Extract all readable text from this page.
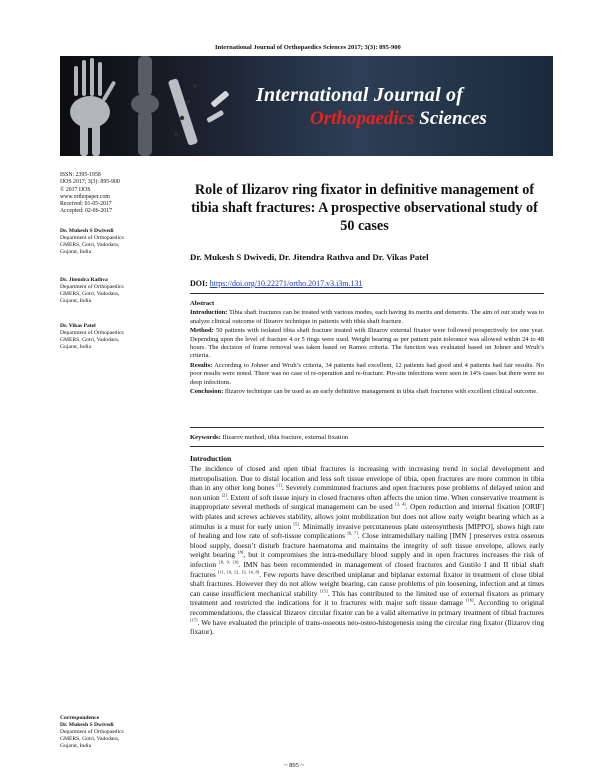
International Journal of Orthopaedics Sciences 2017; 3(3): 895-900
International Journal of
Orthopaedics Sciences
ISSN: 2395-1958
IJOS 2017; 3(3): 895-900
© 2017 IJOS
www.orthopaper.com
Received: 01-05-2017
Accepted: 02-06-2017
Dr. Mukesh S Dwivedi
Department of Orthopaedics
GMERS, Gotri, Vadodara,
Gujarat, India
Dr. Jitendra Rathva
Department of Orthopaedics
GMERS, Gotri, Vadodara,
Gujarat, India
Dr. Vikas Patel
Department of Orthopaedics
GMERS, Gotri, Vadodara,
Gujarat, India
Correspondence
Dr. Mukesh S Dwivedi
Department of Orthopaedics
GMERS, Gotri, Vadodara,
Gujarat, India
Role of Ilizarov ring fixator in definitive management of tibia shaft fractures: A prospective observational study of 50 cases
Dr. Mukesh S Dwivedi, Dr. Jitendra Rathva and Dr. Vikas Patel
DOI: https://doi.org/10.22271/ortho.2017.v3.i3m.131

Abstract

Introduction: Tibia shaft fractures can be treated with various modes, each having its merits and demerits. The aim of our study was to analyze clinical outcome of Ilizarov technique in patients with tibia shaft fracture.

Method: 50 patients with isolated tibia shaft fracture treated with Ilizarov external fixator were followed prospectively for one year. Depending upon the level of fracture 4 or 5 rings were used. Weight bearing as per patient pain tolerance was allowed within 24 to 48 hours. The decision of frame removal was taken based on Ramos criteria. The function was evaluated based on Johner and Wruh’s criteria.

Results: According to Johner and Wruh’s criteria, 34 patients had excellent, 12 patients had good and 4 patients had fair results. No poor results were noted. There was no case of re-operation and re-fracture. Pin-site infections were seen in 14% cases but there were no deep infections.

Conclusion: Ilizarov technique can be used as an early definitive management in tibia shaft fractures with excellent clinical outcome.

Keywords: Ilizarov method, tibia fracture, external fixation
Introduction
The incidence of closed and open tibial fractures is increasing with increasing trend in social development and metropolisation. Due to distal location and less soft tissue envelope of tibia, open fractures are more common in tibia than in any other long bones [1]. Severely comminuted fractures and open fractures pose problems of delayed union and non union [2]. Extent of soft tissue injury in closed fractures often affects the union time. When conservative treatment is inappropriate several methods of surgical management can be used [3, 4]. Open reduction and internal fixation [ORIF] with plates and screws achieves stability, allows joint mobilization but does not allow early weight bearing which as a stimulus is a must for early union [5]. Minimally invasive percutaneous plate osteosynthesis [MIPPO], shows high rate of healing and low rate of soft-tissue complications [6, 7]. Close intramedullary nailing [IMN ] preserves extra osseous blood supply, doesn’t disturb fracture haematoma and maintains the integrity of soft tissue envelope, allows early weight bearing [8], but it compromises the intra-medullary blood supply and in open fractures increases the risk of infection [8, 9, 10]. IMN has been recommended in management of closed fractures and Gustilo I and II tibial shaft fractures [11, 10, 12, 13, 14, 8]. Few reports have described uniplanar and biplanar external fixator in treatment of close tibial shaft fractures. However they do not allow weight bearing, can cause problems of pin loosening, infection and at times can cause insufficient mechanical stability [15]. This has contributed to the limited use of external fixators as primary treatment and restricted the indications for it to fractures with major soft tissue damage [16]. According to original recommendations, the classical Ilizarov circular fixator can be a valid alternative in primary treatment of tibial fractures [17]. We have evaluated the principle of trans-osseous neo-osteo-histogenesis using the circular ring fixator (Ilizarov ring fixator).
~ 895 ~
